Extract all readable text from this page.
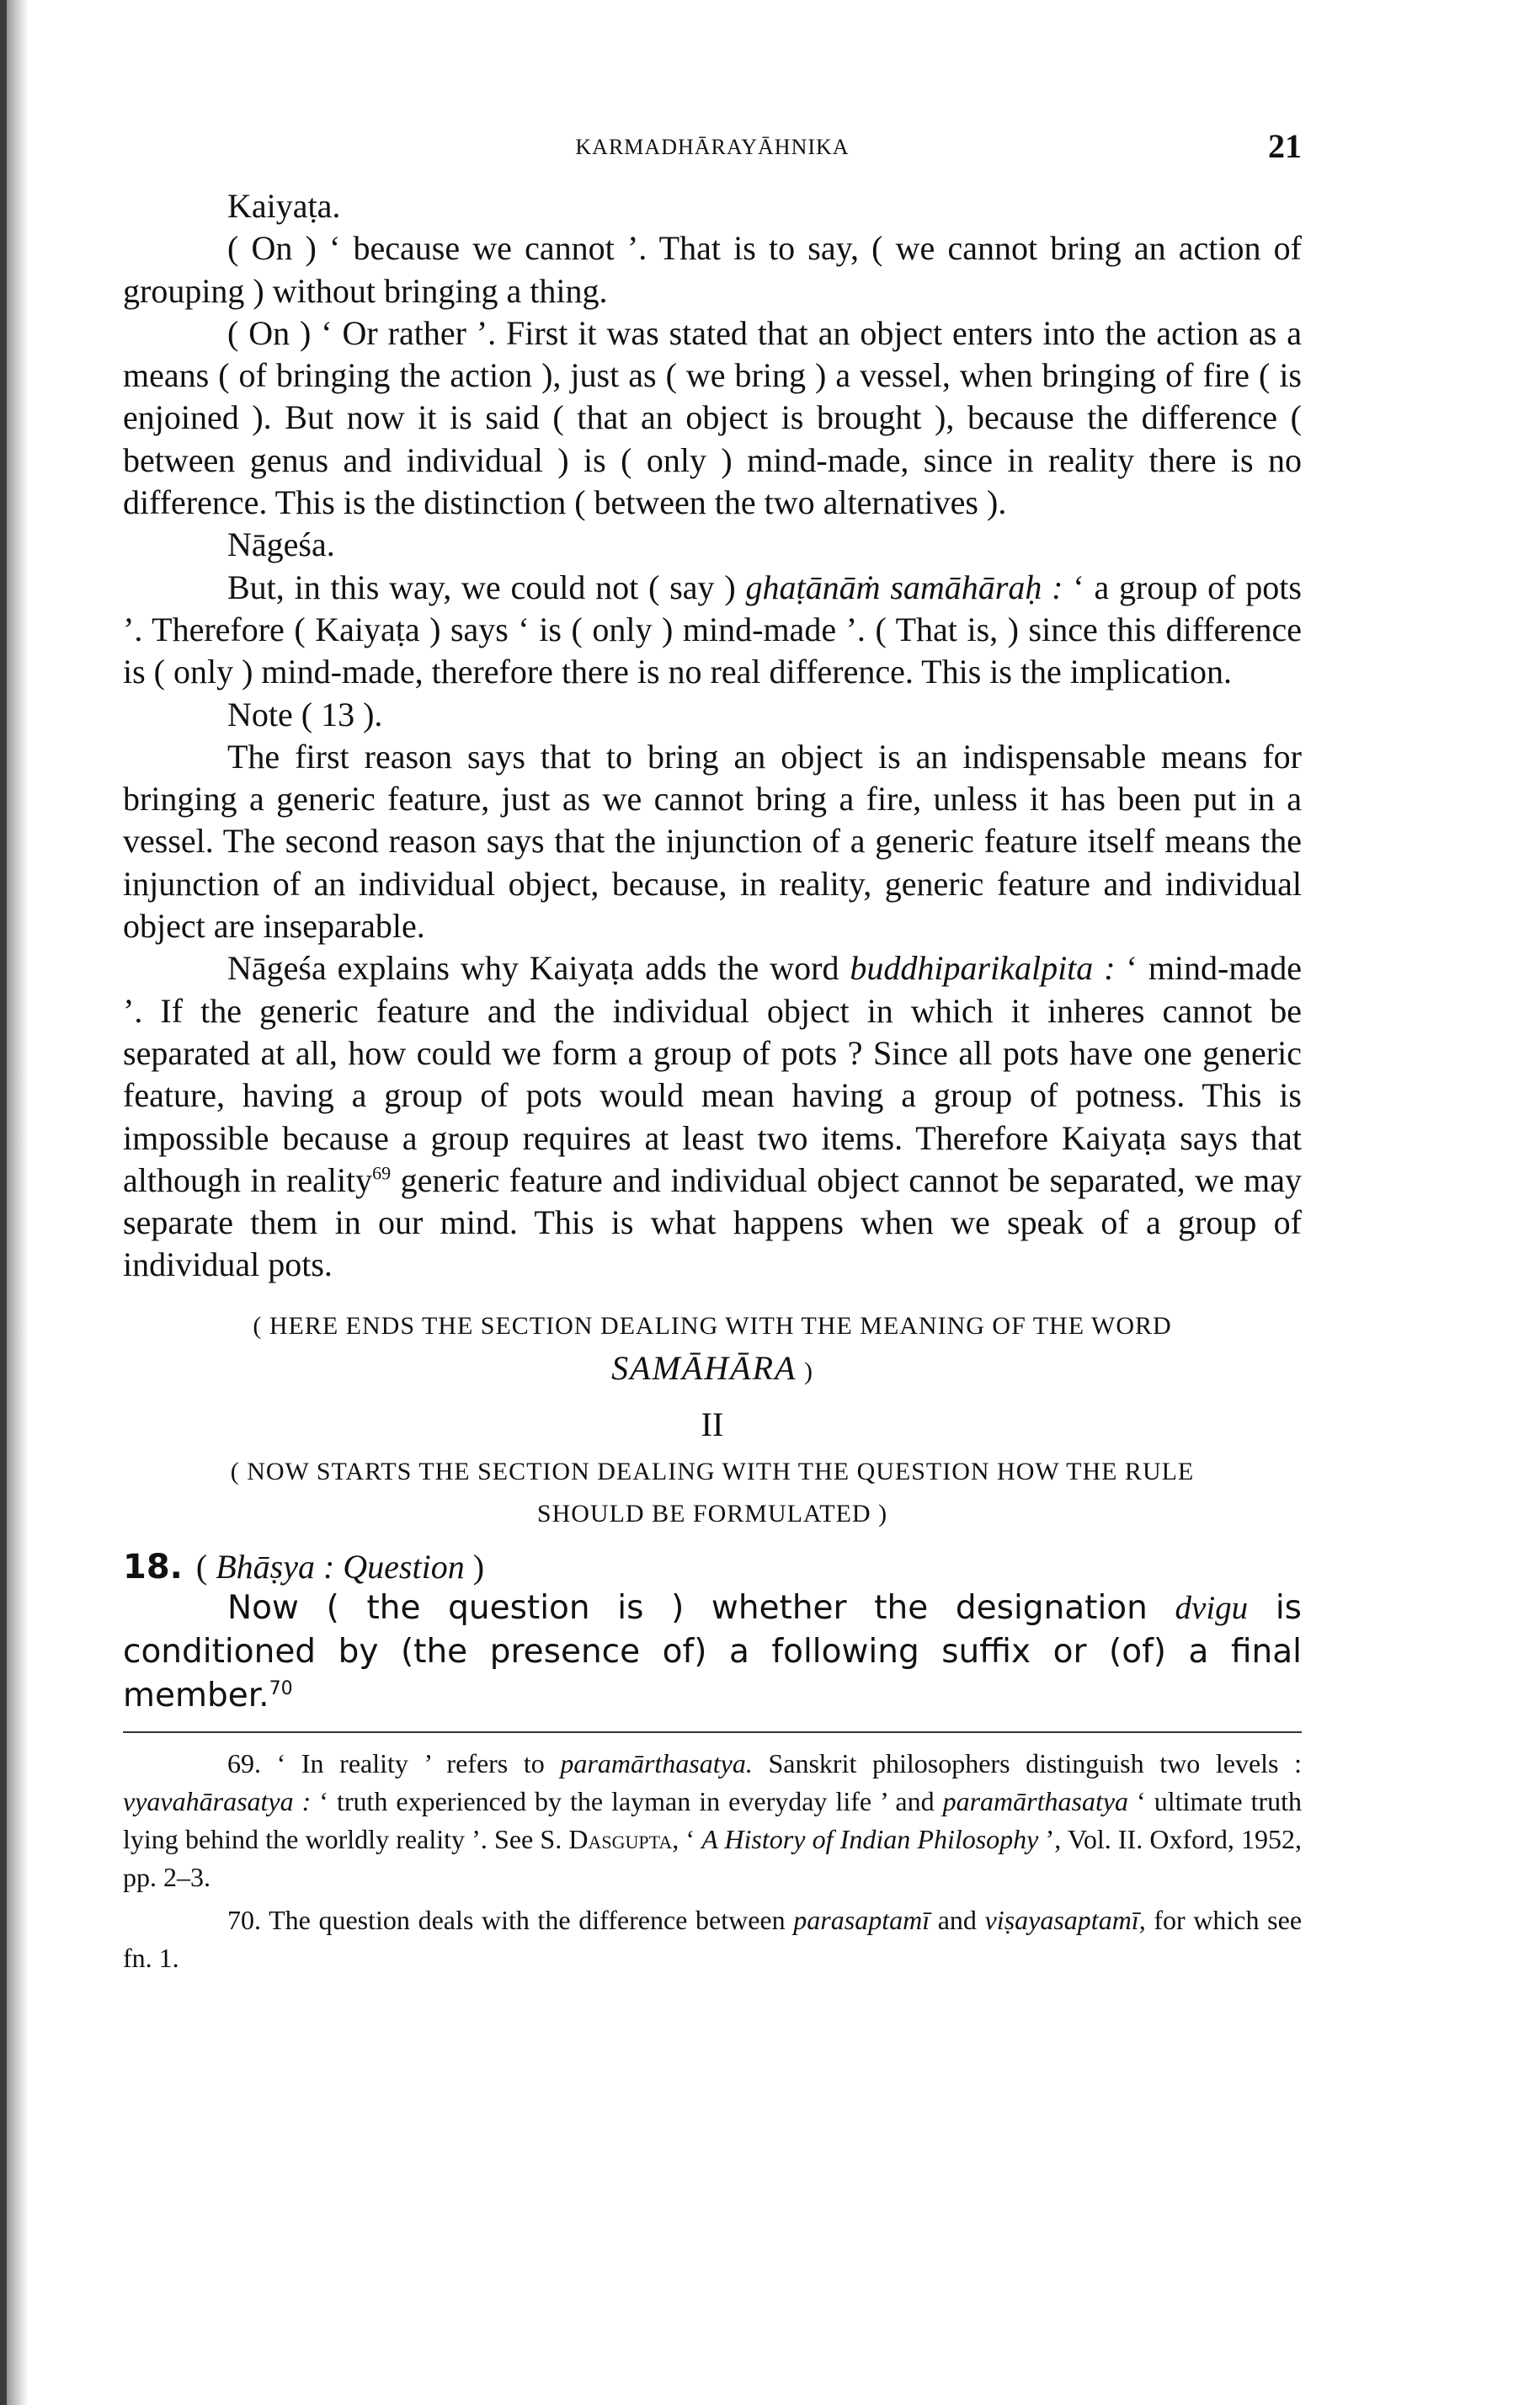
KARMADHĀRAYĀHNIKA	21

Kaiyaṭa.

( On ) ‘ because we cannot ’. That is to say, ( we cannot bring an action of grouping ) without bringing a thing.

( On ) ‘ Or rather ’. First it was stated that an object enters into the action as a means ( of bringing the action ), just as ( we bring ) a vessel, when bringing of fire ( is enjoined ). But now it is said ( that an object is brought ), because the difference ( between genus and individual ) is ( only ) mind-made, since in reality there is no difference. This is the distinction ( between the two alternatives ).

Nāgeśa.

But, in this way, we could not ( say ) ghaṭānāṁ samāhāraḥ : ‘ a group of pots ’. Therefore ( Kaiyaṭa ) says ‘ is ( only ) mind-made ’. ( That is, ) since this difference is ( only ) mind-made, therefore there is no real difference. This is the implication.

Note ( 13 ).

The first reason says that to bring an object is an indispensable means for bringing a generic feature, just as we cannot bring a fire, unless it has been put in a vessel. The second reason says that the injunction of a generic feature itself means the injunction of an individual object, because, in reality, generic feature and individual object are inseparable.

Nāgeśa explains why Kaiyaṭa adds the word buddhiparikalpita : ‘ mind-made ’. If the generic feature and the individual object in which it inheres cannot be separated at all, how could we form a group of pots ? Since all pots have one generic feature, having a group of pots would mean having a group of potness. This is impossible because a group requires at least two items. Therefore Kaiyaṭa says that although in reality$^{69}$ generic feature and individual object cannot be separated, we may separate them in our mind. This is what happens when we speak of a group of individual pots.

( HERE ENDS THE SECTION DEALING WITH THE MEANING OF THE WORD
SAMĀHĀRA )
II
( NOW STARTS THE SECTION DEALING WITH THE QUESTION HOW THE RULE
SHOULD BE FORMULATED )
18. ( Bhāṣya : Question )

Now ( the question is ) whether the designation dvigu is conditioned by (the presence of) a following suffix or (of) a final member.$^{70}$

69. ‘ In reality ’ refers to paramārthasatya. Sanskrit philosophers distinguish two levels : vyavahārasatya : ‘ truth experienced by the layman in everyday life ’ and paramārthasatya ‘ ultimate truth lying behind the worldly reality ’. See S. Dasgupta, ‘ A History of Indian Philosophy ’, Vol. II. Oxford, 1952, pp. 2–3.

70. The question deals with the difference between parasaptamī and viṣayasaptamī, for which see fn. 1.
